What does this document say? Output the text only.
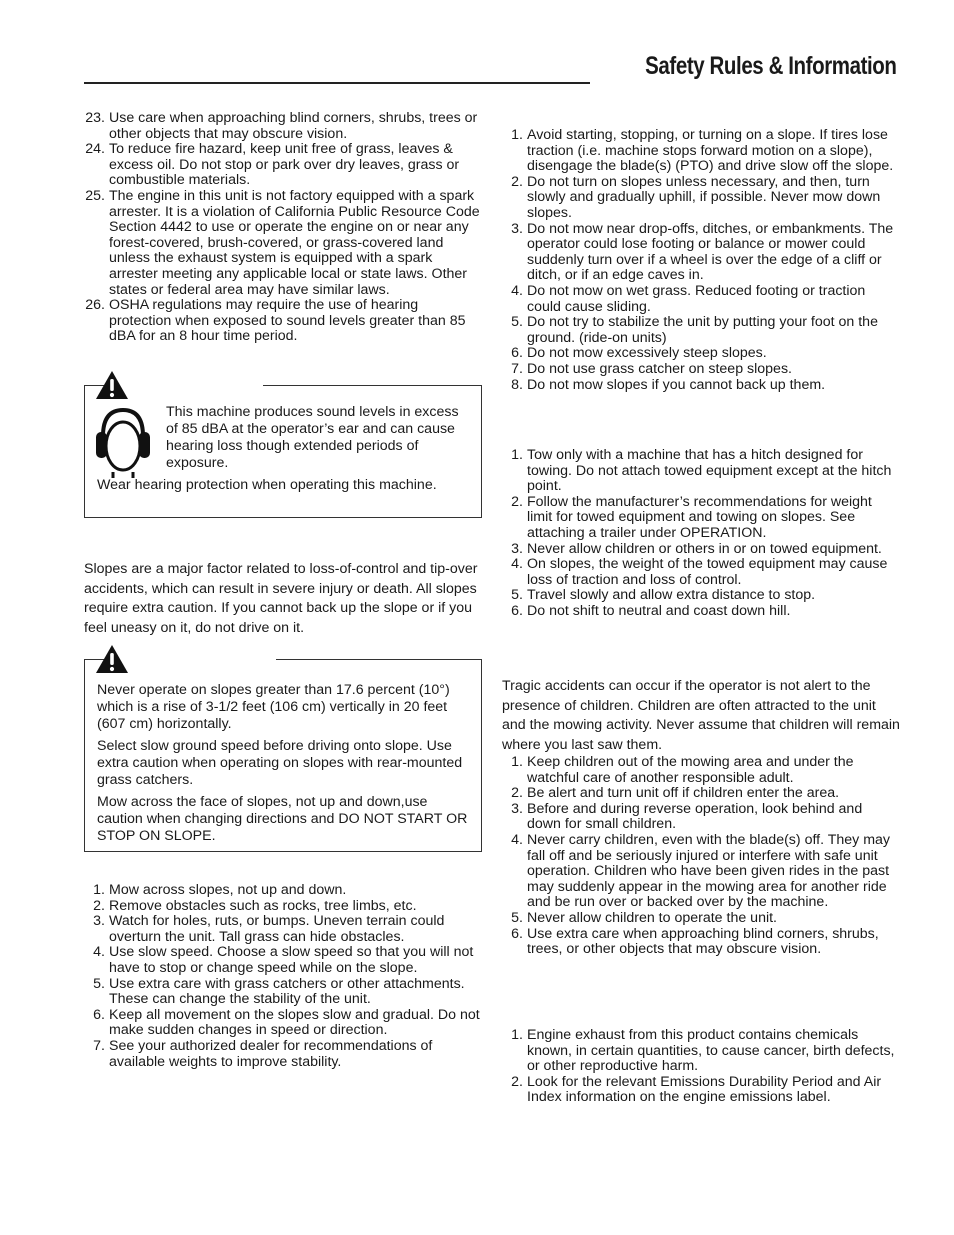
Safety Rules & Information
23. Use care when approaching blind corners, shrubs, trees or other objects that may obscure vision.
24. To reduce fire hazard, keep unit free of grass, leaves & excess oil. Do not stop or park over dry leaves, grass or combustible materials.
25. The engine in this unit is not factory equipped with a spark arrester. It is a violation of California Public Resource Code Section 4442 to use or operate the engine on or near any forest-covered, brush-covered, or grass-covered land unless the exhaust system is equipped with a spark arrester meeting any applicable local or state laws. Other states or federal area may have similar laws.
26. OSHA regulations may require the use of hearing protection when exposed to sound levels greater than 85 dBA for an 8 hour time period.

This machine produces sound levels in excess of 85 dBA at the operator’s ear and can cause hearing loss though extended periods of exposure.

Wear hearing protection when operating this machine.

Slopes are a major factor related to loss-of-control and tip-over accidents, which can result in severe injury or death. All slopes require extra caution. If you cannot back up the slope or if you feel uneasy on it, do not drive on it.

Never operate on slopes greater than 17.6 percent (10°) which is a rise of 3-1/2 feet (106 cm) vertically in 20 feet (607 cm) horizontally.

Select slow ground speed before driving onto slope. Use extra caution when operating on slopes with rear-mounted grass catchers.

Mow across the face of slopes, not up and down,use caution when changing directions and DO NOT START OR STOP ON SLOPE.

1. Mow across slopes, not up and down.
2. Remove obstacles such as rocks, tree limbs, etc.
3. Watch for holes, ruts, or bumps. Uneven terrain could overturn the unit. Tall grass can hide obstacles.
4. Use slow speed. Choose a slow speed so that you will not have to stop or change speed while on the slope.
5. Use extra care with grass catchers or other attachments. These can change the stability of the unit.
6. Keep all movement on the slopes slow and gradual. Do not make sudden changes in speed or direction.
7. See your authorized dealer for recommendations of available weights to improve stability.
1. Avoid starting, stopping, or turning on a slope. If tires lose traction (i.e. machine stops forward motion on a slope), disengage the blade(s) (PTO) and drive slow off the slope.
2. Do not turn on slopes unless necessary, and then, turn slowly and gradually uphill, if possible. Never mow down slopes.
3. Do not mow near drop-offs, ditches, or embankments. The operator could lose footing or balance or mower could suddenly turn over if a wheel is over the edge of a cliff or ditch, or if an edge caves in.
4. Do not mow on wet grass. Reduced footing or traction could cause sliding.
5. Do not try to stabilize the unit by putting your foot on the ground. (ride-on units)
6. Do not mow excessively steep slopes.
7. Do not use grass catcher on steep slopes.
8. Do not mow slopes if you cannot back up them.
1. Tow only with a machine that has a hitch designed for towing. Do not attach towed equipment except at the hitch point.
2. Follow the manufacturer’s recommendations for weight limit for towed equipment and towing on slopes. See attaching a trailer under OPERATION.
3. Never allow children or others in or on towed equipment.
4. On slopes, the weight of the towed equipment may cause loss of traction and loss of control.
5. Travel slowly and allow extra distance to stop.
6. Do not shift to neutral and coast down hill.

Tragic accidents can occur if the operator is not alert to the presence of children. Children are often attracted to the unit and the mowing activity. Never assume that children will remain where you last saw them.

1. Keep children out of the mowing area and under the watchful care of another responsible adult.
2. Be alert and turn unit off if children enter the area.
3. Before and during reverse operation, look behind and down for small children.
4. Never carry children, even with the blade(s) off. They may fall off and be seriously injured or interfere with safe unit operation. Children who have been given rides in the past may suddenly appear in the mowing area for another ride and be run over or backed over by the machine.
5. Never allow children to operate the unit.
6. Use extra care when approaching blind corners, shrubs, trees, or other objects that may obscure vision.
1. Engine exhaust from this product contains chemicals known, in certain quantities, to cause cancer, birth defects, or other reproductive harm.
2. Look for the relevant Emissions Durability Period and Air Index information on the engine emissions label.
